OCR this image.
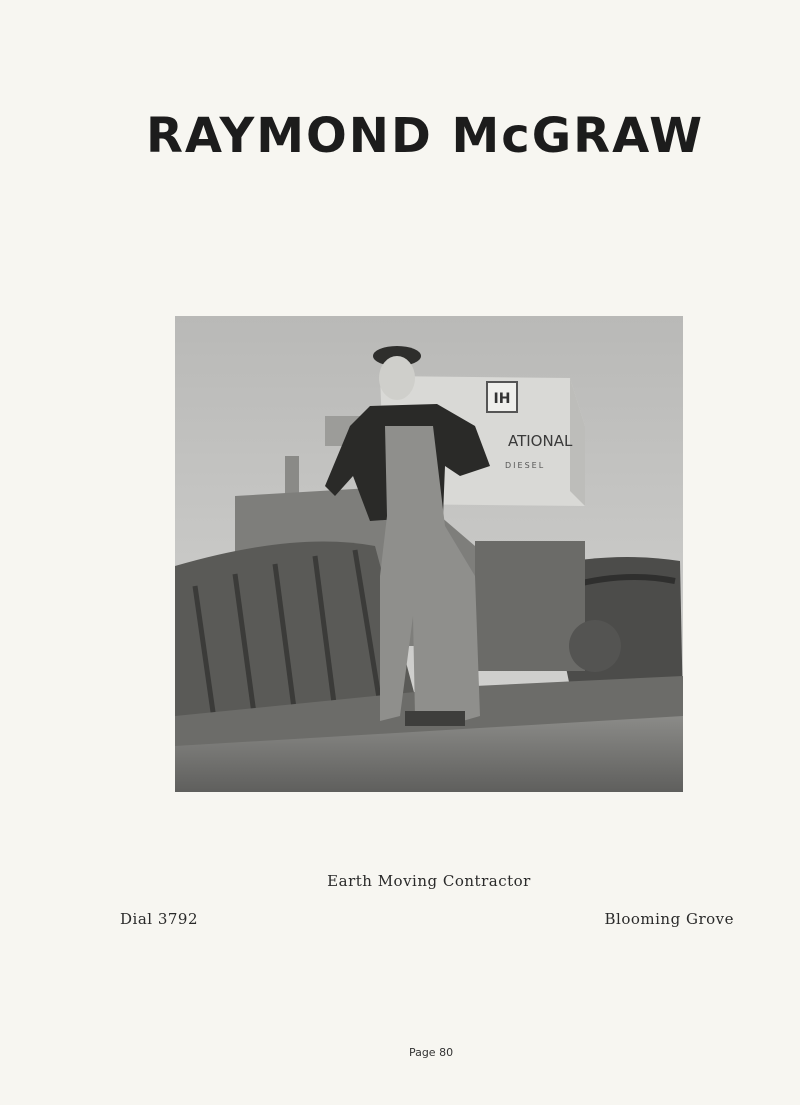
RAYMOND McGRAW
IH
ATIONAL
DIESEL
Earth Moving Contractor
Dial 3792	Blooming Grove
Page 80
